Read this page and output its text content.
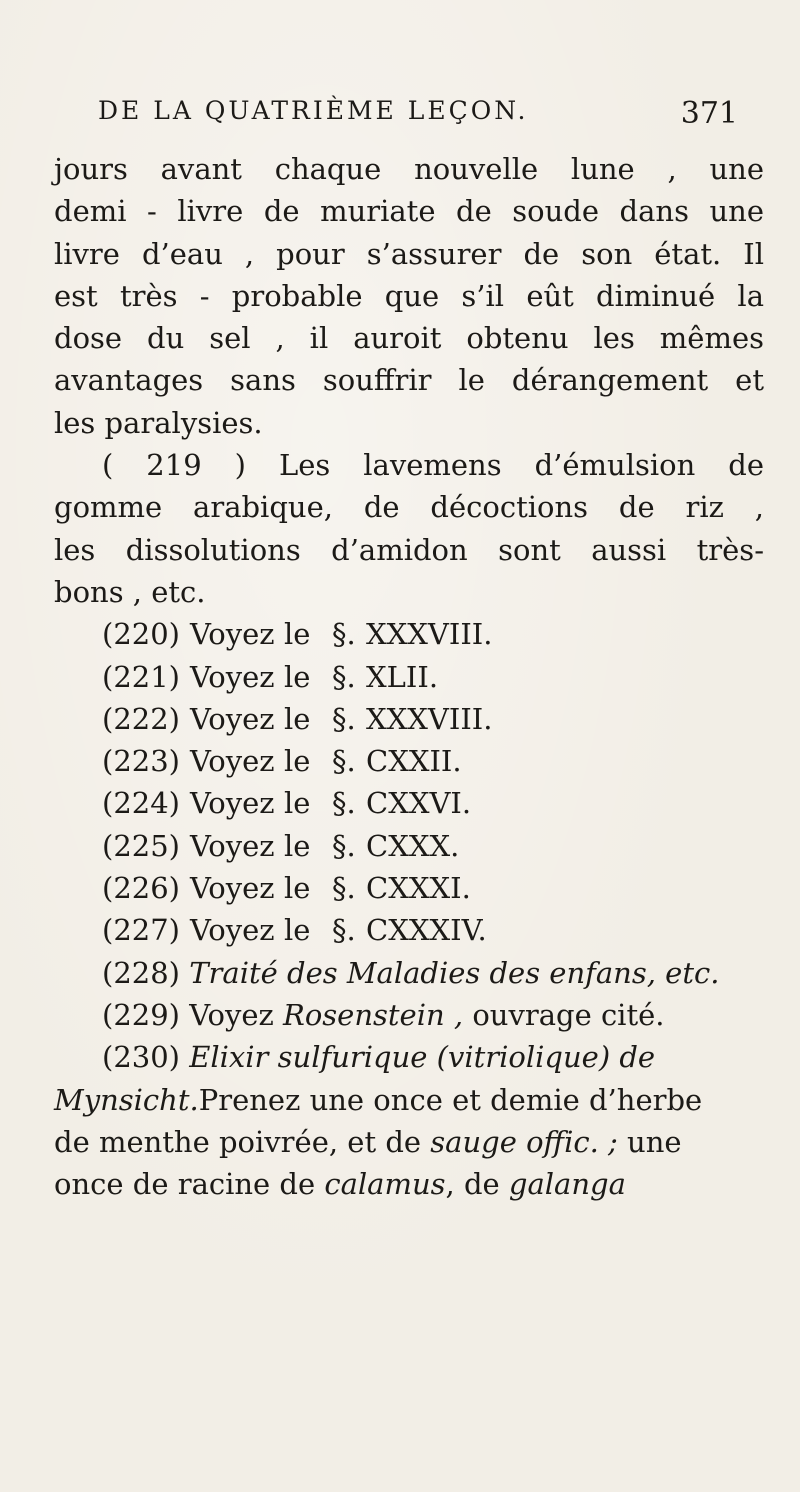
DE LA QUATRIÈME LEÇON.	371
jours avant chaque nouvelle lune , une
demi - livre de muriate de soude dans une
livre d’eau , pour s’assurer de son état. Il
est très - probable que s’il eût diminué la
dose du sel , il auroit obtenu les mêmes
avantages sans souffrir le dérangement et
les paralysies.
( 219 ) Les lavemens d’émulsion de
gomme arabique, de décoctions de riz ,
les dissolutions d’amidon sont aussi très-
bons , etc.
(220) Voyez le §. XXXVIII.
(221) Voyez le §. XLII.
(222) Voyez le §. XXXVIII.
(223) Voyez le §. CXXII.
(224) Voyez le §. CXXVI.
(225) Voyez le §. CXXX.
(226) Voyez le §. CXXXI.
(227) Voyez le §. CXXXIV.
(228) Traité des Maladies des enfans, etc.
(229) Voyez Rosenstein , ouvrage cité.
(230) Elixir sulfurique (vitriolique) de
Mynsicht.Prenez une once et demie d’herbe
de menthe poivrée, et de sauge offic. ; une
once de racine de calamus, de galanga
